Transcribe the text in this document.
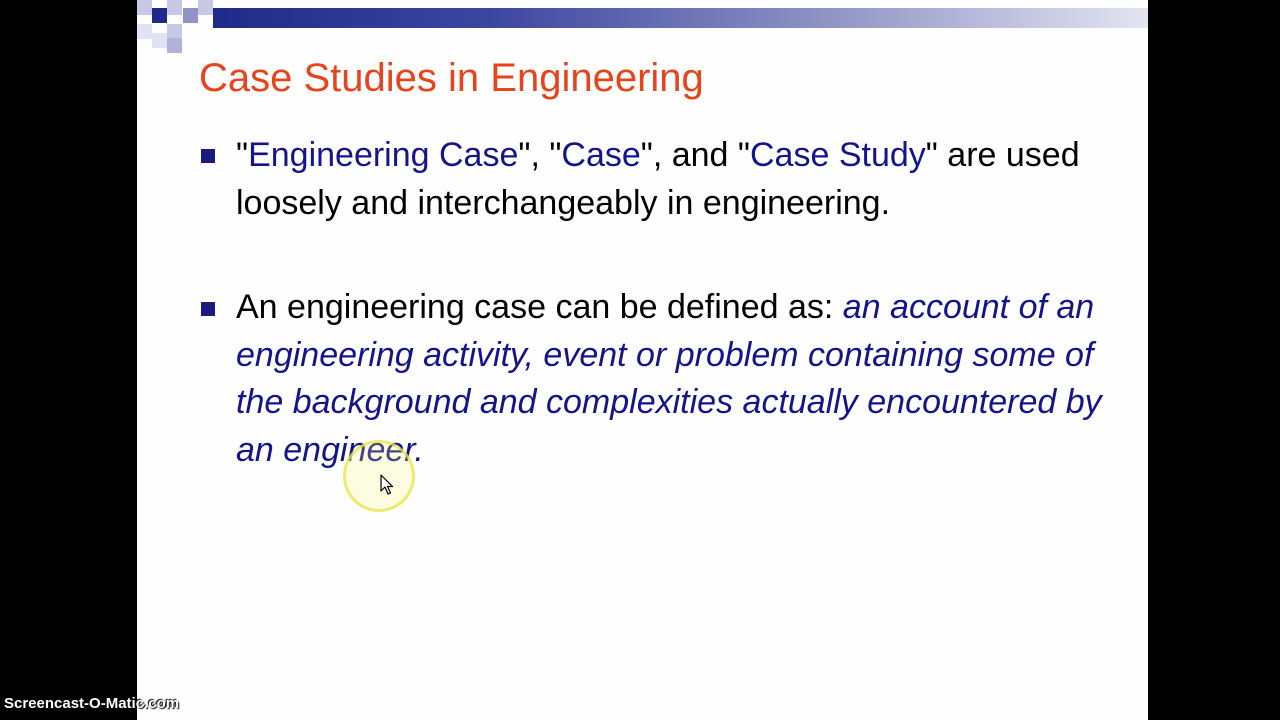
Case Studies in Engineering
"Engineering Case", "Case", and "Case Study" are used loosely and interchangeably in engineering.
An engineering case can be defined as: an account of an engineering activity, event or problem containing some of the background and complexities actually encountered by an engineer.
Screencast-O-Matic.com
